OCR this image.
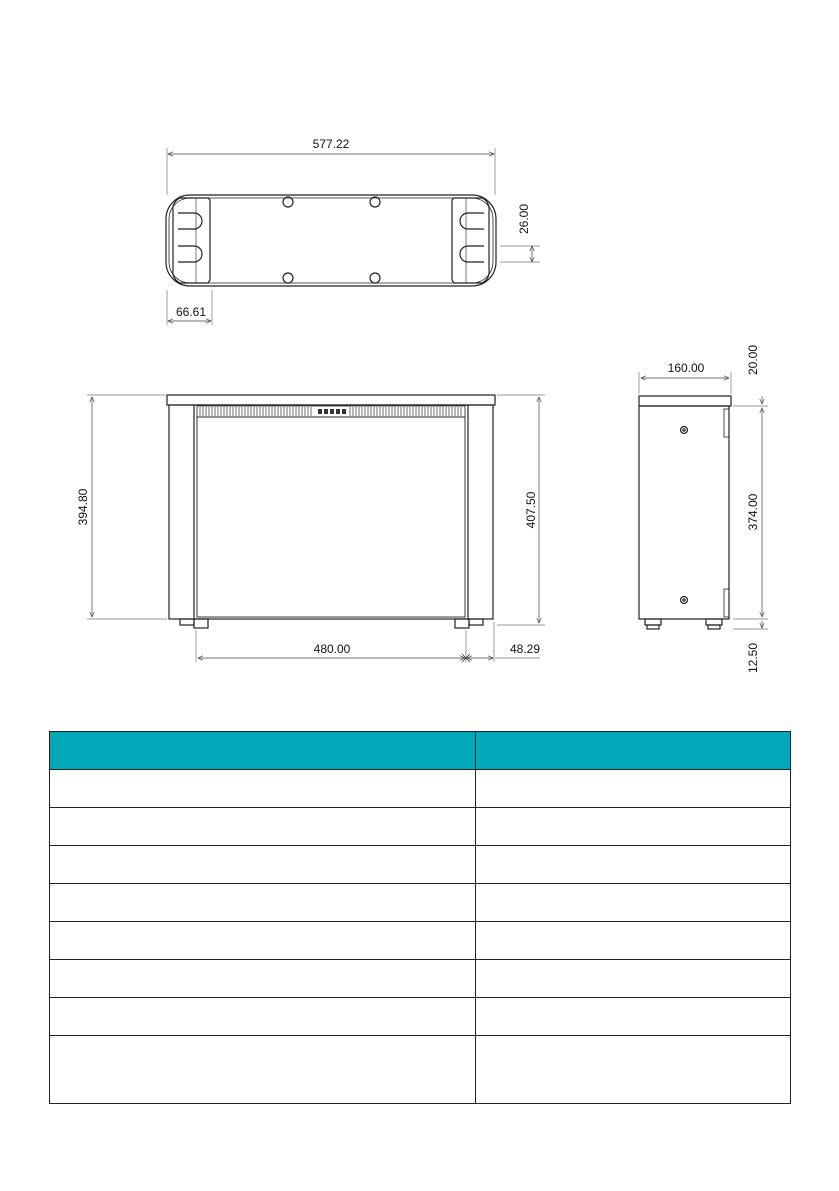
577.22
66.61
26.00
394.80	407.50
480.00	48.29
160.00	20.00
374.00
12.50
